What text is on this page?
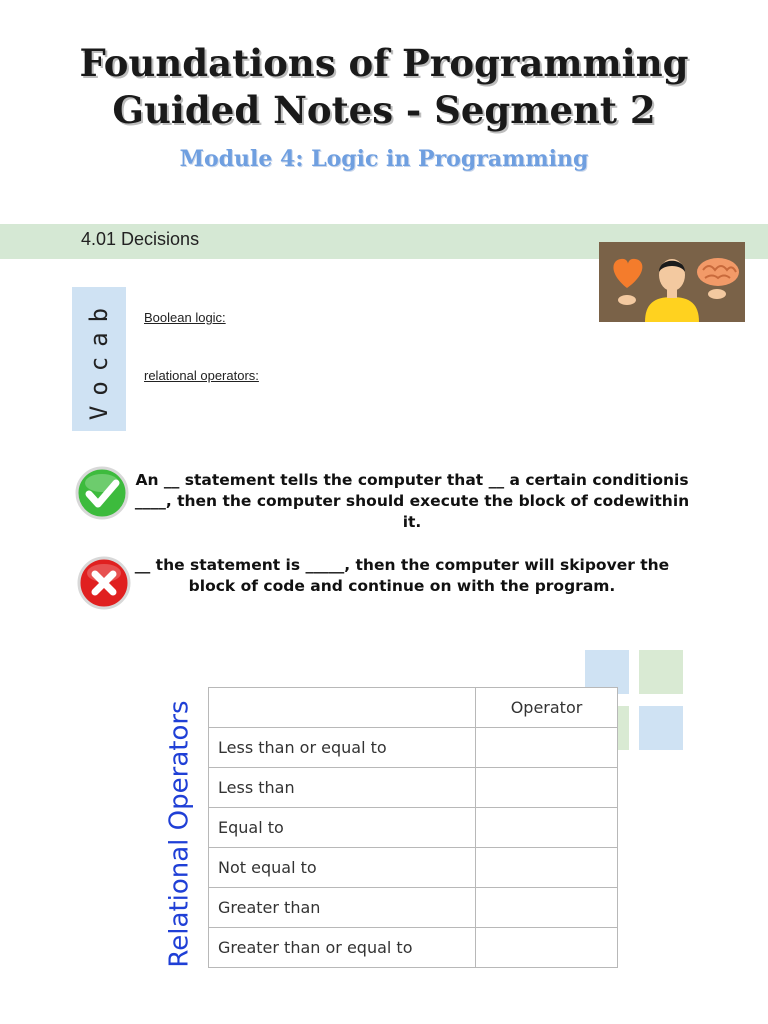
Foundations of Programming
Guided Notes - Segment 2
Module 4: Logic in Programming
4.01 Decisions
Vocab Boolean logic:
relational operators:
An __ statement tells the computer that __ a certain conditionis ____, then the computer should execute the block of codewithin it.
__ the statement is _____, then the computer will skipover the block of code and continue on with the program.
Relational Operators
		Operator
Less than or equal to	
Less than	
Equal to	
Not equal to	
Greater than	
Greater than or equal to	
